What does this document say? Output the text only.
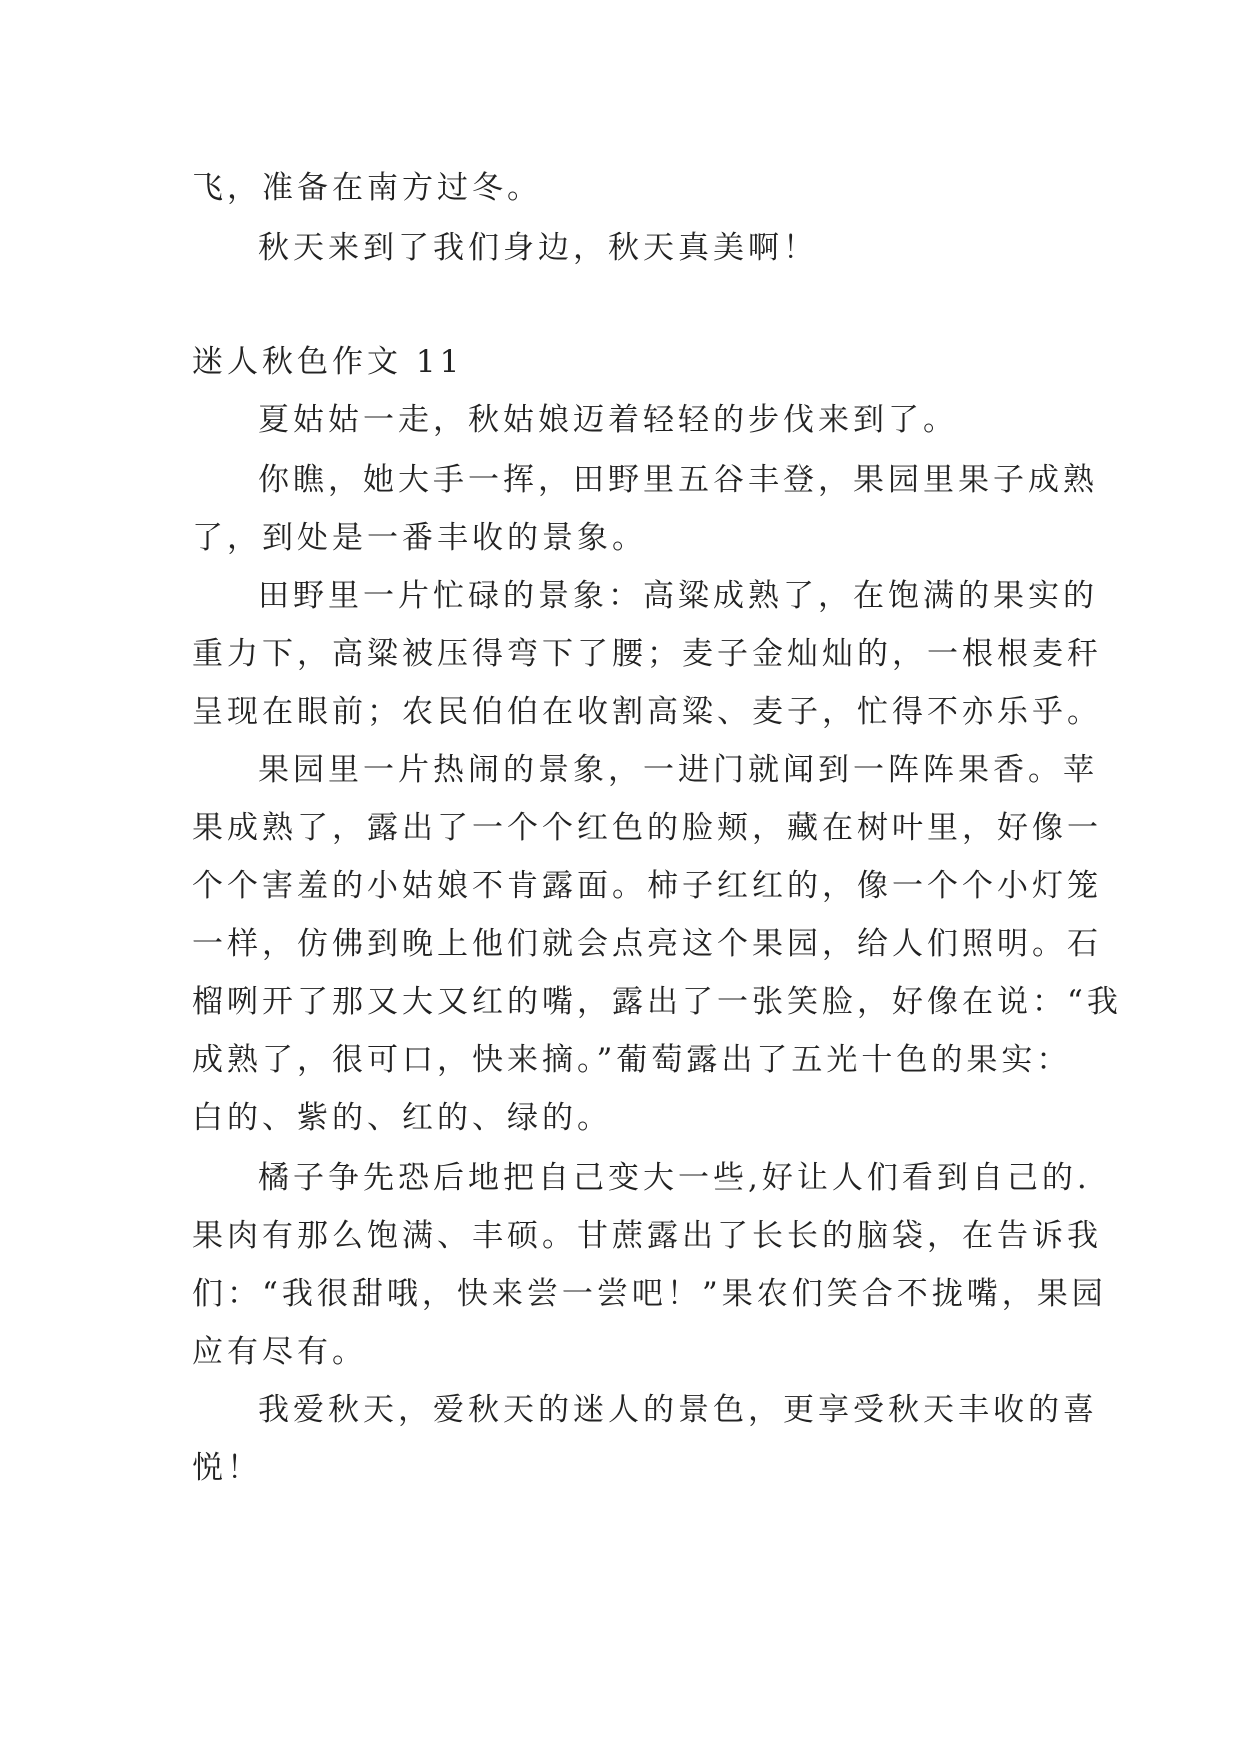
飞，准备在南方过冬。
秋天来到了我们身边，秋天真美啊！
迷人秋色作文 11
夏姑姑一走，秋姑娘迈着轻轻的步伐来到了。
你瞧，她大手一挥，田野里五谷丰登，果园里果子成熟
了，到处是一番丰收的景象。
田野里一片忙碌的景象：高粱成熟了，在饱满的果实的
重力下，高粱被压得弯下了腰；麦子金灿灿的，一根根麦秆
呈现在眼前；农民伯伯在收割高粱、麦子，忙得不亦乐乎。
果园里一片热闹的景象，一进门就闻到一阵阵果香。苹
果成熟了，露出了一个个红色的脸颊，藏在树叶里，好像一
个个害羞的小姑娘不肯露面。柿子红红的，像一个个小灯笼
一样，仿佛到晚上他们就会点亮这个果园，给人们照明。石
榴咧开了那又大又红的嘴，露出了一张笑脸，好像在说：“我
成熟了，很可口，快来摘。”葡萄露出了五光十色的果实：
白的、紫的、红的、绿的。
橘子争先恐后地把自己变大一些,好让人们看到自己的.
果肉有那么饱满、丰硕。甘蔗露出了长长的脑袋，在告诉我
们：“我很甜哦，快来尝一尝吧！”果农们笑合不拢嘴，果园
应有尽有。
我爱秋天，爱秋天的迷人的景色，更享受秋天丰收的喜
悦！
